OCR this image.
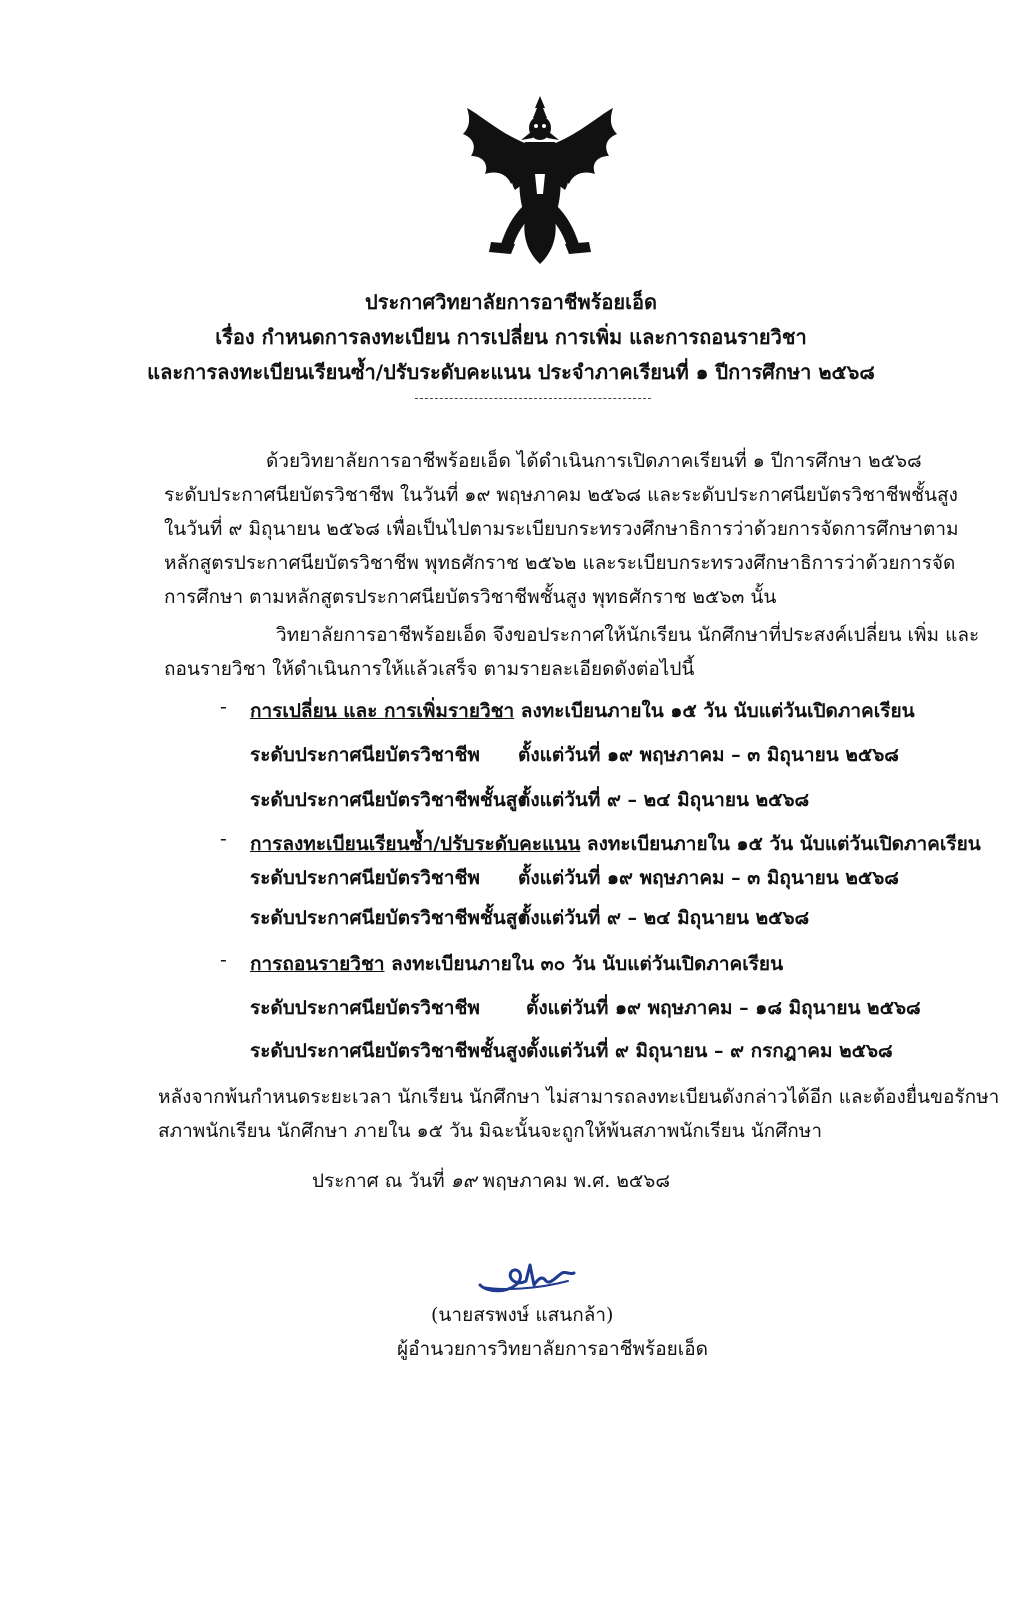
ประกาศวิทยาลัยการอาชีพร้อยเอ็ด
เรื่อง กำหนดการลงทะเบียน การเปลี่ยน การเพิ่ม และการถอนรายวิชา
และการลงทะเบียนเรียนซ้ำ/ปรับระดับคะแนน ประจำภาคเรียนที่ ๑ ปีการศึกษา ๒๕๖๘
ด้วยวิทยาลัยการอาชีพร้อยเอ็ด ได้ดำเนินการเปิดภาคเรียนที่ ๑ ปีการศึกษา ๒๕๖๘
ระดับประกาศนียบัตรวิชาชีพ ในวันที่ ๑๙ พฤษภาคม ๒๕๖๘ และระดับประกาศนียบัตรวิชาชีพชั้นสูง
ในวันที่ ๙ มิถุนายน ๒๕๖๘ เพื่อเป็นไปตามระเบียบกระทรวงศึกษาธิการว่าด้วยการจัดการศึกษาตาม
หลักสูตรประกาศนียบัตรวิชาชีพ พุทธศักราช ๒๕๖๒ และระเบียบกระทรวงศึกษาธิการว่าด้วยการจัด
การศึกษา ตามหลักสูตรประกาศนียบัตรวิชาชีพชั้นสูง พุทธศักราช ๒๕๖๓ นั้น
วิทยาลัยการอาชีพร้อยเอ็ด จึงขอประกาศให้นักเรียน นักศึกษาที่ประสงค์เปลี่ยน เพิ่ม และ
ถอนรายวิชา ให้ดำเนินการให้แล้วเสร็จ ตามรายละเอียดดังต่อไปนี้
- การเปลี่ยน และ การเพิ่มรายวิชา ลงทะเบียนภายใน ๑๕ วัน นับแต่วันเปิดภาคเรียน
ระดับประกาศนียบัตรวิชาชีพ ตั้งแต่วันที่ ๑๙ พฤษภาคม – ๓ มิถุนายน ๒๕๖๘
ระดับประกาศนียบัตรวิชาชีพชั้นสูง
ตั้งแต่วันที่ ๙ – ๒๔ มิถุนายน ๒๕๖๘
- การลงทะเบียนเรียนซ้ำ/ปรับระดับคะแนน ลงทะเบียนภายใน ๑๕ วัน นับแต่วันเปิดภาคเรียน
ระดับประกาศนียบัตรวิชาชีพ ตั้งแต่วันที่ ๑๙ พฤษภาคม – ๓ มิถุนายน ๒๕๖๘
ระดับประกาศนียบัตรวิชาชีพชั้นสูง
ตั้งแต่วันที่ ๙ – ๒๔ มิถุนายน ๒๕๖๘
- การถอนรายวิชา ลงทะเบียนภายใน ๓๐ วัน นับแต่วันเปิดภาคเรียน
ระดับประกาศนียบัตรวิชาชีพ ตั้งแต่วันที่ ๑๙ พฤษภาคม – ๑๘ มิถุนายน ๒๕๖๘
ระดับประกาศนียบัตรวิชาชีพชั้นสูง ตั้งแต่วันที่ ๙ มิถุนายน – ๙ กรกฎาคม ๒๕๖๘
หลังจากพ้นกำหนดระยะเวลา นักเรียน นักศึกษา ไม่สามารถลงทะเบียนดังกล่าวได้อีก และต้องยื่นขอรักษา
สภาพนักเรียน นักศึกษา ภายใน ๑๕ วัน มิฉะนั้นจะถูกให้พ้นสภาพนักเรียน นักศึกษา
ประกาศ ณ วันที่ ๑๙ พฤษภาคม พ.ศ. ๒๕๖๘
(นายสรพงษ์ แสนกล้า)
ผู้อำนวยการวิทยาลัยการอาชีพร้อยเอ็ด
